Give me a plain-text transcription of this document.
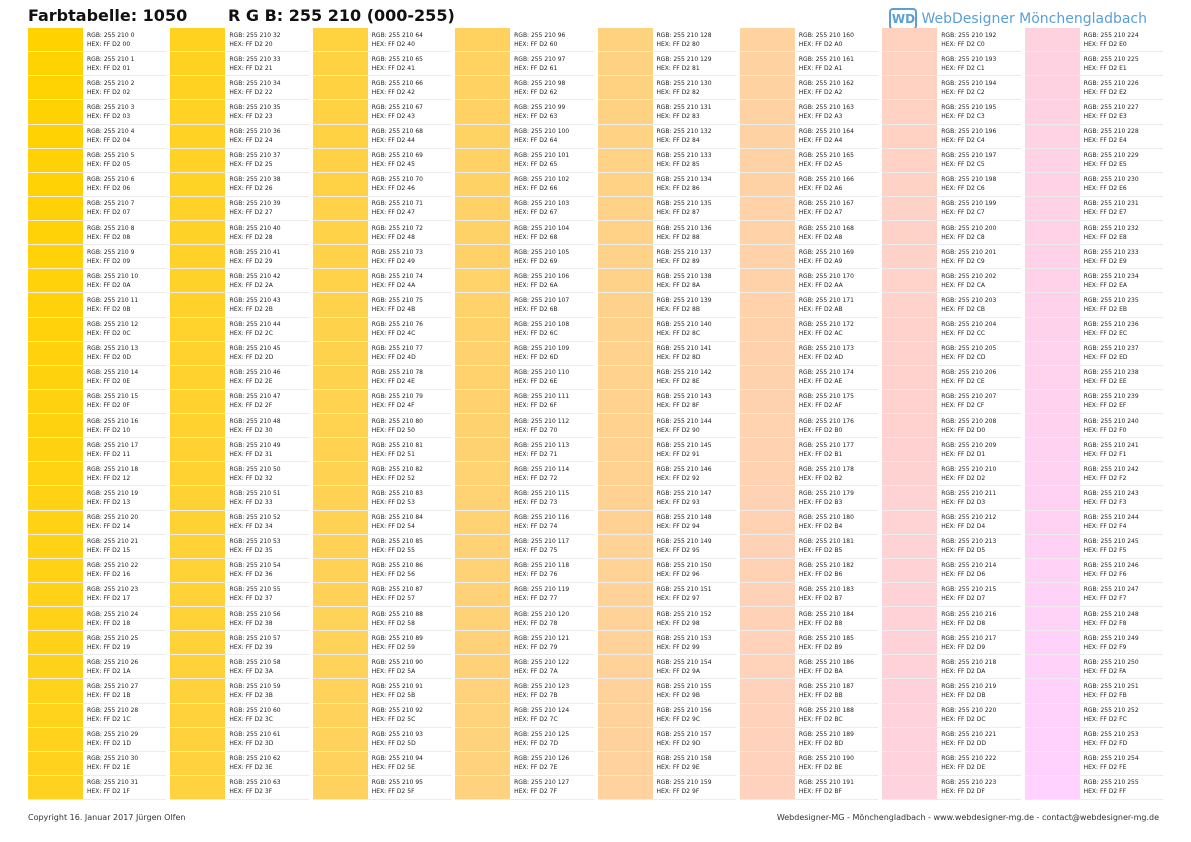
Farbtabelle: 1050	R G B: 255 210 (000-255)	WD WebDesigner Mönchengladbach
RGB: 255 210 0
HEX: FF D2 00
RGB: 255 210 1
HEX: FF D2 01
RGB: 255 210 2
HEX: FF D2 02
RGB: 255 210 3
HEX: FF D2 03
RGB: 255 210 4
HEX: FF D2 04
RGB: 255 210 5
HEX: FF D2 05
RGB: 255 210 6
HEX: FF D2 06
RGB: 255 210 7
HEX: FF D2 07
RGB: 255 210 8
HEX: FF D2 08
RGB: 255 210 9
HEX: FF D2 09
RGB: 255 210 10
HEX: FF D2 0A
RGB: 255 210 11
HEX: FF D2 0B
RGB: 255 210 12
HEX: FF D2 0C
RGB: 255 210 13
HEX: FF D2 0D
RGB: 255 210 14
HEX: FF D2 0E
RGB: 255 210 15
HEX: FF D2 0F
RGB: 255 210 16
HEX: FF D2 10
RGB: 255 210 17
HEX: FF D2 11
RGB: 255 210 18
HEX: FF D2 12
RGB: 255 210 19
HEX: FF D2 13
RGB: 255 210 20
HEX: FF D2 14
RGB: 255 210 21
HEX: FF D2 15
RGB: 255 210 22
HEX: FF D2 16
RGB: 255 210 23
HEX: FF D2 17
RGB: 255 210 24
HEX: FF D2 18
RGB: 255 210 25
HEX: FF D2 19
RGB: 255 210 26
HEX: FF D2 1A
RGB: 255 210 27
HEX: FF D2 1B
RGB: 255 210 28
HEX: FF D2 1C
RGB: 255 210 29
HEX: FF D2 1D
RGB: 255 210 30
HEX: FF D2 1E
RGB: 255 210 31
HEX: FF D2 1F
RGB: 255 210 32
HEX: FF D2 20
RGB: 255 210 33
HEX: FF D2 21
RGB: 255 210 34
HEX: FF D2 22
RGB: 255 210 35
HEX: FF D2 23
RGB: 255 210 36
HEX: FF D2 24
RGB: 255 210 37
HEX: FF D2 25
RGB: 255 210 38
HEX: FF D2 26
RGB: 255 210 39
HEX: FF D2 27
RGB: 255 210 40
HEX: FF D2 28
RGB: 255 210 41
HEX: FF D2 29
RGB: 255 210 42
HEX: FF D2 2A
RGB: 255 210 43
HEX: FF D2 2B
RGB: 255 210 44
HEX: FF D2 2C
RGB: 255 210 45
HEX: FF D2 2D
RGB: 255 210 46
HEX: FF D2 2E
RGB: 255 210 47
HEX: FF D2 2F
RGB: 255 210 48
HEX: FF D2 30
RGB: 255 210 49
HEX: FF D2 31
RGB: 255 210 50
HEX: FF D2 32
RGB: 255 210 51
HEX: FF D2 33
RGB: 255 210 52
HEX: FF D2 34
RGB: 255 210 53
HEX: FF D2 35
RGB: 255 210 54
HEX: FF D2 36
RGB: 255 210 55
HEX: FF D2 37
RGB: 255 210 56
HEX: FF D2 38
RGB: 255 210 57
HEX: FF D2 39
RGB: 255 210 58
HEX: FF D2 3A
RGB: 255 210 59
HEX: FF D2 3B
RGB: 255 210 60
HEX: FF D2 3C
RGB: 255 210 61
HEX: FF D2 3D
RGB: 255 210 62
HEX: FF D2 3E
RGB: 255 210 63
HEX: FF D2 3F
RGB: 255 210 64
HEX: FF D2 40
RGB: 255 210 65
HEX: FF D2 41
RGB: 255 210 66
HEX: FF D2 42
RGB: 255 210 67
HEX: FF D2 43
RGB: 255 210 68
HEX: FF D2 44
RGB: 255 210 69
HEX: FF D2 45
RGB: 255 210 70
HEX: FF D2 46
RGB: 255 210 71
HEX: FF D2 47
RGB: 255 210 72
HEX: FF D2 48
RGB: 255 210 73
HEX: FF D2 49
RGB: 255 210 74
HEX: FF D2 4A
RGB: 255 210 75
HEX: FF D2 4B
RGB: 255 210 76
HEX: FF D2 4C
RGB: 255 210 77
HEX: FF D2 4D
RGB: 255 210 78
HEX: FF D2 4E
RGB: 255 210 79
HEX: FF D2 4F
RGB: 255 210 80
HEX: FF D2 50
RGB: 255 210 81
HEX: FF D2 51
RGB: 255 210 82
HEX: FF D2 52
RGB: 255 210 83
HEX: FF D2 53
RGB: 255 210 84
HEX: FF D2 54
RGB: 255 210 85
HEX: FF D2 55
RGB: 255 210 86
HEX: FF D2 56
RGB: 255 210 87
HEX: FF D2 57
RGB: 255 210 88
HEX: FF D2 58
RGB: 255 210 89
HEX: FF D2 59
RGB: 255 210 90
HEX: FF D2 5A
RGB: 255 210 91
HEX: FF D2 5B
RGB: 255 210 92
HEX: FF D2 5C
RGB: 255 210 93
HEX: FF D2 5D
RGB: 255 210 94
HEX: FF D2 5E
RGB: 255 210 95
HEX: FF D2 5F
RGB: 255 210 96
HEX: FF D2 60
RGB: 255 210 97
HEX: FF D2 61
RGB: 255 210 98
HEX: FF D2 62
RGB: 255 210 99
HEX: FF D2 63
RGB: 255 210 100
HEX: FF D2 64
RGB: 255 210 101
HEX: FF D2 65
RGB: 255 210 102
HEX: FF D2 66
RGB: 255 210 103
HEX: FF D2 67
RGB: 255 210 104
HEX: FF D2 68
RGB: 255 210 105
HEX: FF D2 69
RGB: 255 210 106
HEX: FF D2 6A
RGB: 255 210 107
HEX: FF D2 6B
RGB: 255 210 108
HEX: FF D2 6C
RGB: 255 210 109
HEX: FF D2 6D
RGB: 255 210 110
HEX: FF D2 6E
RGB: 255 210 111
HEX: FF D2 6F
RGB: 255 210 112
HEX: FF D2 70
RGB: 255 210 113
HEX: FF D2 71
RGB: 255 210 114
HEX: FF D2 72
RGB: 255 210 115
HEX: FF D2 73
RGB: 255 210 116
HEX: FF D2 74
RGB: 255 210 117
HEX: FF D2 75
RGB: 255 210 118
HEX: FF D2 76
RGB: 255 210 119
HEX: FF D2 77
RGB: 255 210 120
HEX: FF D2 78
RGB: 255 210 121
HEX: FF D2 79
RGB: 255 210 122
HEX: FF D2 7A
RGB: 255 210 123
HEX: FF D2 7B
RGB: 255 210 124
HEX: FF D2 7C
RGB: 255 210 125
HEX: FF D2 7D
RGB: 255 210 126
HEX: FF D2 7E
RGB: 255 210 127
HEX: FF D2 7F
RGB: 255 210 128
HEX: FF D2 80
RGB: 255 210 129
HEX: FF D2 81
RGB: 255 210 130
HEX: FF D2 82
RGB: 255 210 131
HEX: FF D2 83
RGB: 255 210 132
HEX: FF D2 84
RGB: 255 210 133
HEX: FF D2 85
RGB: 255 210 134
HEX: FF D2 86
RGB: 255 210 135
HEX: FF D2 87
RGB: 255 210 136
HEX: FF D2 88
RGB: 255 210 137
HEX: FF D2 89
RGB: 255 210 138
HEX: FF D2 8A
RGB: 255 210 139
HEX: FF D2 8B
RGB: 255 210 140
HEX: FF D2 8C
RGB: 255 210 141
HEX: FF D2 8D
RGB: 255 210 142
HEX: FF D2 8E
RGB: 255 210 143
HEX: FF D2 8F
RGB: 255 210 144
HEX: FF D2 90
RGB: 255 210 145
HEX: FF D2 91
RGB: 255 210 146
HEX: FF D2 92
RGB: 255 210 147
HEX: FF D2 93
RGB: 255 210 148
HEX: FF D2 94
RGB: 255 210 149
HEX: FF D2 95
RGB: 255 210 150
HEX: FF D2 96
RGB: 255 210 151
HEX: FF D2 97
RGB: 255 210 152
HEX: FF D2 98
RGB: 255 210 153
HEX: FF D2 99
RGB: 255 210 154
HEX: FF D2 9A
RGB: 255 210 155
HEX: FF D2 9B
RGB: 255 210 156
HEX: FF D2 9C
RGB: 255 210 157
HEX: FF D2 9D
RGB: 255 210 158
HEX: FF D2 9E
RGB: 255 210 159
HEX: FF D2 9F
RGB: 255 210 160
HEX: FF D2 A0
RGB: 255 210 161
HEX: FF D2 A1
RGB: 255 210 162
HEX: FF D2 A2
RGB: 255 210 163
HEX: FF D2 A3
RGB: 255 210 164
HEX: FF D2 A4
RGB: 255 210 165
HEX: FF D2 A5
RGB: 255 210 166
HEX: FF D2 A6
RGB: 255 210 167
HEX: FF D2 A7
RGB: 255 210 168
HEX: FF D2 A8
RGB: 255 210 169
HEX: FF D2 A9
RGB: 255 210 170
HEX: FF D2 AA
RGB: 255 210 171
HEX: FF D2 AB
RGB: 255 210 172
HEX: FF D2 AC
RGB: 255 210 173
HEX: FF D2 AD
RGB: 255 210 174
HEX: FF D2 AE
RGB: 255 210 175
HEX: FF D2 AF
RGB: 255 210 176
HEX: FF D2 B0
RGB: 255 210 177
HEX: FF D2 B1
RGB: 255 210 178
HEX: FF D2 B2
RGB: 255 210 179
HEX: FF D2 B3
RGB: 255 210 180
HEX: FF D2 B4
RGB: 255 210 181
HEX: FF D2 B5
RGB: 255 210 182
HEX: FF D2 B6
RGB: 255 210 183
HEX: FF D2 B7
RGB: 255 210 184
HEX: FF D2 B8
RGB: 255 210 185
HEX: FF D2 B9
RGB: 255 210 186
HEX: FF D2 BA
RGB: 255 210 187
HEX: FF D2 BB
RGB: 255 210 188
HEX: FF D2 BC
RGB: 255 210 189
HEX: FF D2 BD
RGB: 255 210 190
HEX: FF D2 BE
RGB: 255 210 191
HEX: FF D2 BF
RGB: 255 210 192
HEX: FF D2 C0
RGB: 255 210 193
HEX: FF D2 C1
RGB: 255 210 194
HEX: FF D2 C2
RGB: 255 210 195
HEX: FF D2 C3
RGB: 255 210 196
HEX: FF D2 C4
RGB: 255 210 197
HEX: FF D2 C5
RGB: 255 210 198
HEX: FF D2 C6
RGB: 255 210 199
HEX: FF D2 C7
RGB: 255 210 200
HEX: FF D2 C8
RGB: 255 210 201
HEX: FF D2 C9
RGB: 255 210 202
HEX: FF D2 CA
RGB: 255 210 203
HEX: FF D2 CB
RGB: 255 210 204
HEX: FF D2 CC
RGB: 255 210 205
HEX: FF D2 CD
RGB: 255 210 206
HEX: FF D2 CE
RGB: 255 210 207
HEX: FF D2 CF
RGB: 255 210 208
HEX: FF D2 D0
RGB: 255 210 209
HEX: FF D2 D1
RGB: 255 210 210
HEX: FF D2 D2
RGB: 255 210 211
HEX: FF D2 D3
RGB: 255 210 212
HEX: FF D2 D4
RGB: 255 210 213
HEX: FF D2 D5
RGB: 255 210 214
HEX: FF D2 D6
RGB: 255 210 215
HEX: FF D2 D7
RGB: 255 210 216
HEX: FF D2 D8
RGB: 255 210 217
HEX: FF D2 D9
RGB: 255 210 218
HEX: FF D2 DA
RGB: 255 210 219
HEX: FF D2 DB
RGB: 255 210 220
HEX: FF D2 DC
RGB: 255 210 221
HEX: FF D2 DD
RGB: 255 210 222
HEX: FF D2 DE
RGB: 255 210 223
HEX: FF D2 DF
RGB: 255 210 224
HEX: FF D2 E0
RGB: 255 210 225
HEX: FF D2 E1
RGB: 255 210 226
HEX: FF D2 E2
RGB: 255 210 227
HEX: FF D2 E3
RGB: 255 210 228
HEX: FF D2 E4
RGB: 255 210 229
HEX: FF D2 E5
RGB: 255 210 230
HEX: FF D2 E6
RGB: 255 210 231
HEX: FF D2 E7
RGB: 255 210 232
HEX: FF D2 E8
RGB: 255 210 233
HEX: FF D2 E9
RGB: 255 210 234
HEX: FF D2 EA
RGB: 255 210 235
HEX: FF D2 EB
RGB: 255 210 236
HEX: FF D2 EC
RGB: 255 210 237
HEX: FF D2 ED
RGB: 255 210 238
HEX: FF D2 EE
RGB: 255 210 239
HEX: FF D2 EF
RGB: 255 210 240
HEX: FF D2 F0
RGB: 255 210 241
HEX: FF D2 F1
RGB: 255 210 242
HEX: FF D2 F2
RGB: 255 210 243
HEX: FF D2 F3
RGB: 255 210 244
HEX: FF D2 F4
RGB: 255 210 245
HEX: FF D2 F5
RGB: 255 210 246
HEX: FF D2 F6
RGB: 255 210 247
HEX: FF D2 F7
RGB: 255 210 248
HEX: FF D2 F8
RGB: 255 210 249
HEX: FF D2 F9
RGB: 255 210 250
HEX: FF D2 FA
RGB: 255 210 251
HEX: FF D2 FB
RGB: 255 210 252
HEX: FF D2 FC
RGB: 255 210 253
HEX: FF D2 FD
RGB: 255 210 254
HEX: FF D2 FE
RGB: 255 210 255
HEX: FF D2 FF
Copyright 16. Januar 2017 Jürgen Olfen	Webdesigner-MG - Mönchengladbach - www.webdesigner-mg.de - contact@webdesigner-mg.de
